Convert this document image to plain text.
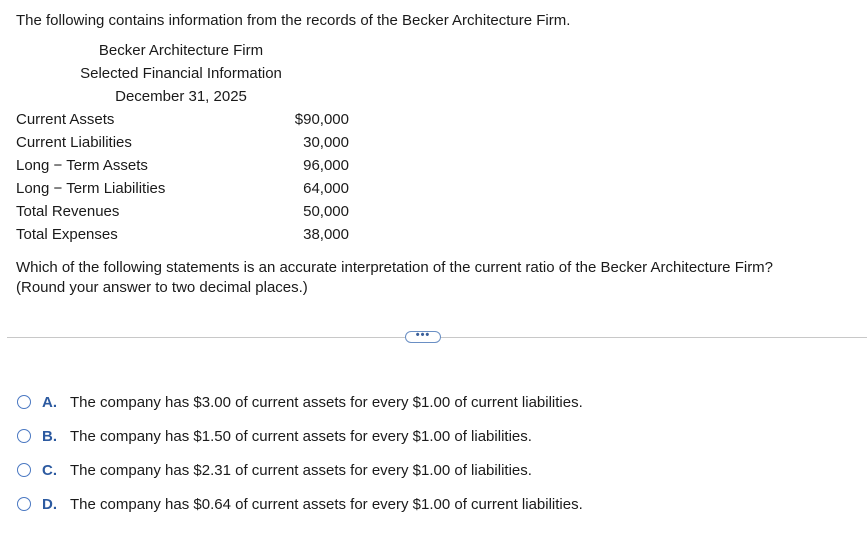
The following contains information from the records of the Becker Architecture Firm.
Becker Architecture Firm
Selected Financial Information
December 31, 2025
Current Assets	$90,000
Current Liabilities	30,000
Long − Term Assets	96,000
Long − Term Liabilities	64,000
Total Revenues	50,000
Total Expenses	38,000
Which of the following statements is an accurate interpretation of the current ratio of the Becker Architecture Firm?
(Round your answer to two decimal places.)
•••
A. The company has $3.00 of current assets for every $1.00 of current liabilities.
B. The company has $1.50 of current assets for every $1.00 of liabilities.
C. The company has $2.31 of current assets for every $1.00 of liabilities.
D. The company has $0.64 of current assets for every $1.00 of current liabilities.
